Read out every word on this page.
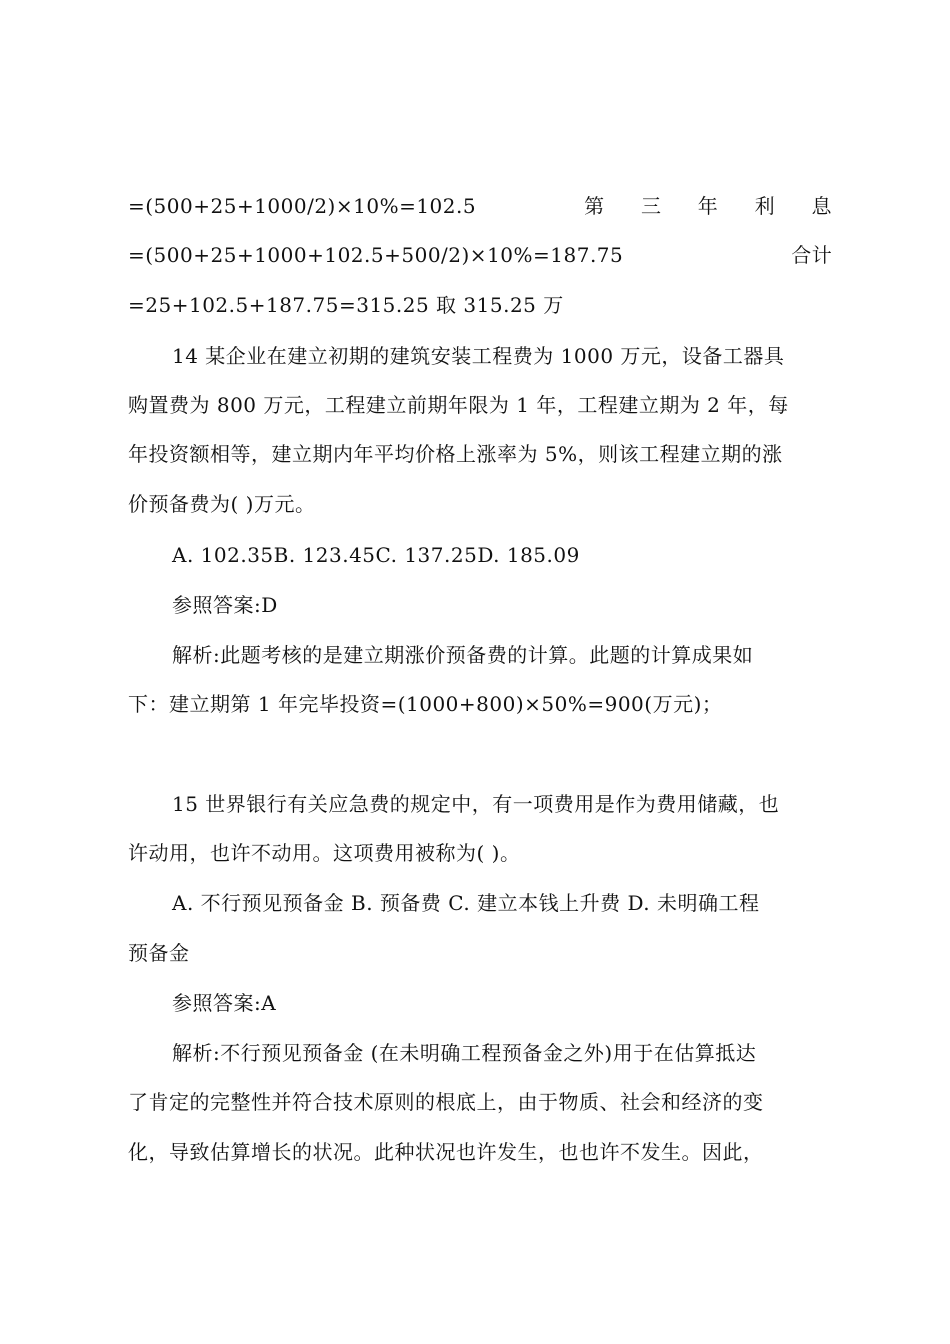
=(500+25+1000/2)×10%=102.5	第 三 年 利 息
=(500+25+1000+102.5+500/2)×10%=187.75	合 计
=25+102.5+187.75=315.25 取 315.25 万
14 某企业在建立初期的建筑安装工程费为 1000 万元，设备工器具
购置费为 800 万元，工程建立前期年限为 1 年，工程建立期为 2 年，每
年投资额相等，建立期内年平均价格上涨率为 5%，则该工程建立期的涨
价预备费为( )万元。
A. 102.35B. 123.45C. 137.25D. 185.09
参照答案:D
解析:此题考核的是建立期涨价预备费的计算。此题的计算成果如
下：建立期第 1 年完毕投资=(1000+800)×50%=900(万元)；
15 世界银行有关应急费的规定中，有一项费用是作为费用储藏，也
许动用，也许不动用。这项费用被称为( )。
A. 不行预见预备金 B. 预备费 C. 建立本钱上升费 D. 未明确工程
预备金
参照答案:A
解析:不行预见预备金 (在未明确工程预备金之外)用于在估算抵达
了肯定的完整性并符合技术原则的根底上，由于物质、社会和经济的变
化，导致估算增长的状况。此种状况也许发生，也也许不发生。因此，
